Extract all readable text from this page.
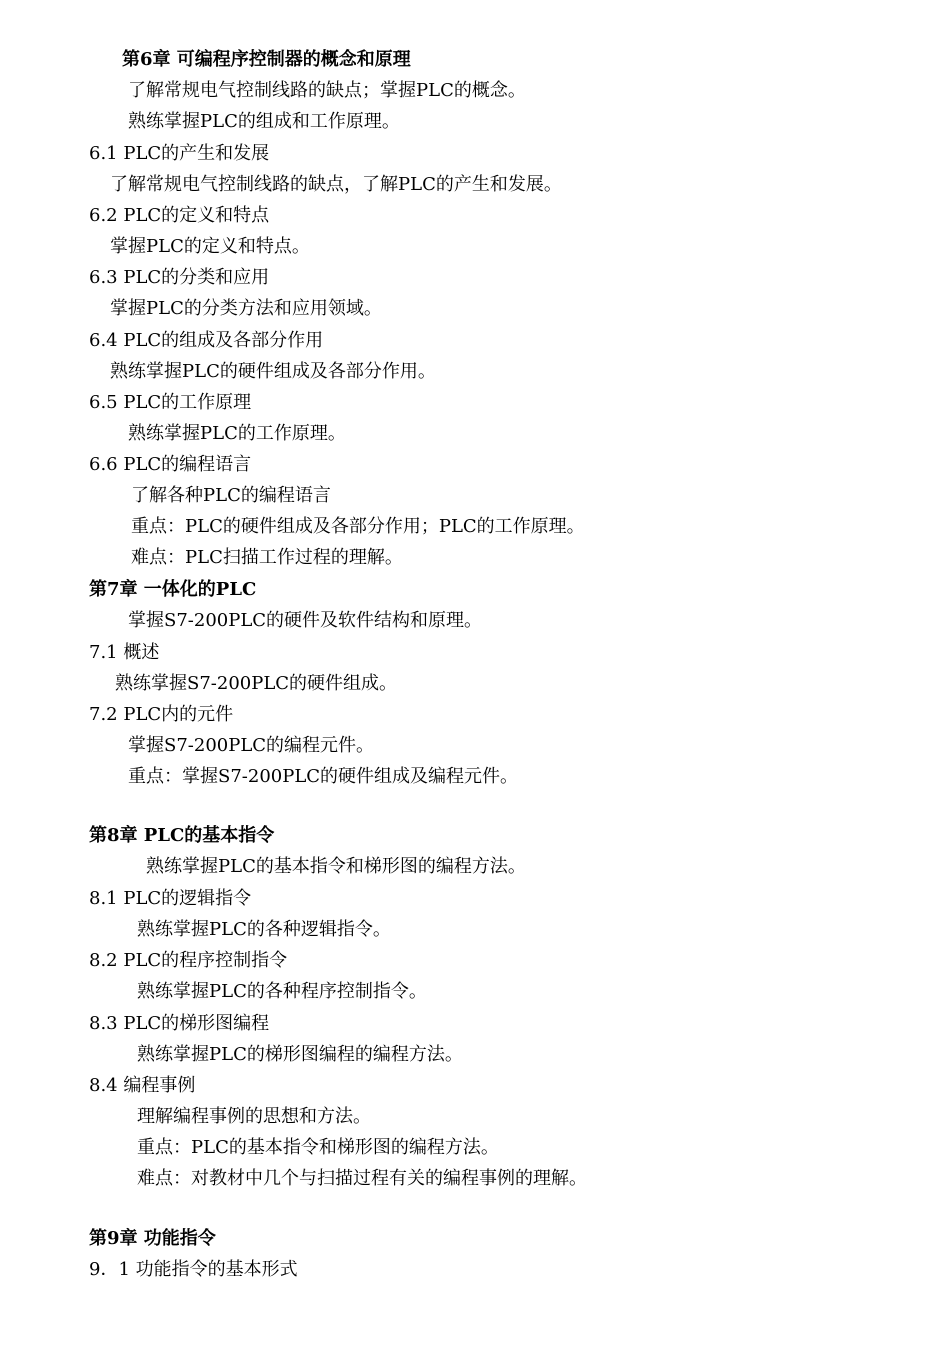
第6章 可编程序控制器的概念和原理
了解常规电气控制线路的缺点；掌握PLC的概念。
熟练掌握PLC的组成和工作原理。
6.1 PLC的产生和发展
了解常规电气控制线路的缺点，了解PLC的产生和发展。
6.2 PLC的定义和特点
掌握PLC的定义和特点。
6.3 PLC的分类和应用
掌握PLC的分类方法和应用领域。
6.4 PLC的组成及各部分作用
熟练掌握PLC的硬件组成及各部分作用。
6.5 PLC的工作原理
熟练掌握PLC的工作原理。
6.6 PLC的编程语言
了解各种PLC的编程语言
重点：PLC的硬件组成及各部分作用；PLC的工作原理。
难点：PLC扫描工作过程的理解。
第7章 一体化的PLC
掌握S7-200PLC的硬件及软件结构和原理。
7.1 概述
熟练掌握S7-200PLC的硬件组成。
7.2 PLC内的元件
掌握S7-200PLC的编程元件。
重点：掌握S7-200PLC的硬件组成及编程元件。
第8章 PLC的基本指令
熟练掌握PLC的基本指令和梯形图的编程方法。
8.1 PLC的逻辑指令
熟练掌握PLC的各种逻辑指令。
8.2 PLC的程序控制指令
熟练掌握PLC的各种程序控制指令。
8.3 PLC的梯形图编程
熟练掌握PLC的梯形图编程的编程方法。
8.4 编程事例
理解编程事例的思想和方法。
重点：PLC的基本指令和梯形图的编程方法。
难点：对教材中几个与扫描过程有关的编程事例的理解。
第9章 功能指令
9．1 功能指令的基本形式
